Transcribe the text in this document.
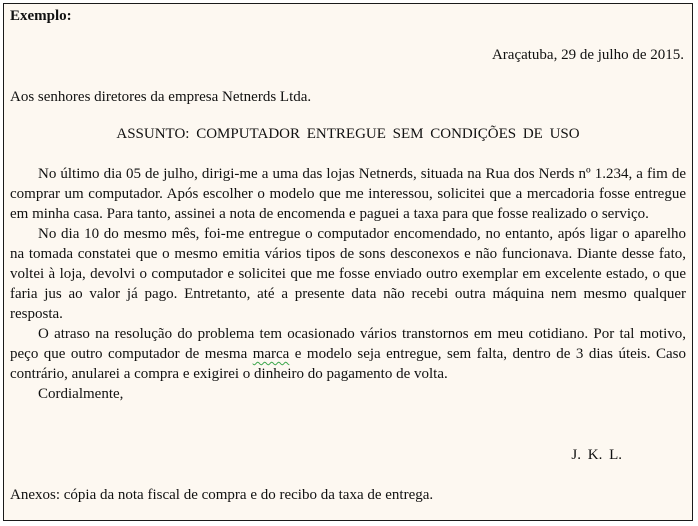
Exemplo:
Araçatuba, 29 de julho de 2015.
Aos senhores diretores da empresa Netnerds Ltda.
ASSUNTO: COMPUTADOR ENTREGUE SEM CONDIÇÕES DE USO

No último dia 05 de julho, dirigi-me a uma das lojas Netnerds, situada na Rua dos Nerds nº 1.234, a fim de comprar um computador. Após escolher o modelo que me interessou, solicitei que a mercadoria fosse entregue em minha casa. Para tanto, assinei a nota de encomenda e paguei a taxa para que fosse realizado o serviço.

No dia 10 do mesmo mês, foi-me entregue o computador encomendado, no entanto, após ligar o aparelho na tomada constatei que o mesmo emitia vários tipos de sons desconexos e não funcionava. Diante desse fato, voltei à loja, devolvi o computador e solicitei que me fosse enviado outro exemplar em excelente estado, o que faria jus ao valor já pago. Entretanto, até a presente data não recebi outra máquina nem mesmo qualquer resposta.

O atraso na resolução do problema tem ocasionado vários transtornos em meu cotidiano. Por tal motivo, peço que outro computador de mesma marca e modelo seja entregue, sem falta, dentro de 3 dias úteis. Caso contrário, anularei a compra e exigirei o dinheiro do pagamento de volta.

Cordialmente,
J. K. L.
Anexos: cópia da nota fiscal de compra e do recibo da taxa de entrega.
